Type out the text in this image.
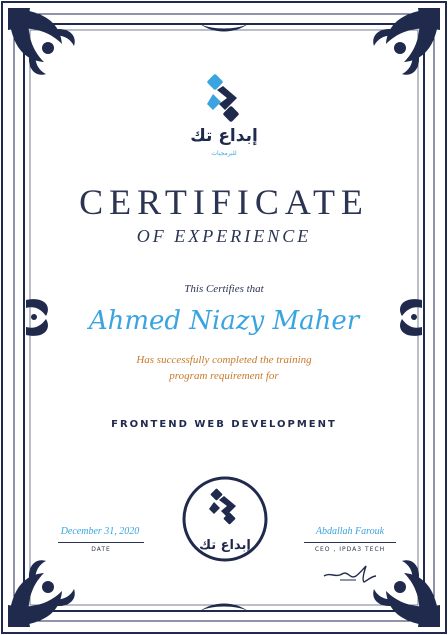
إبداع تك
للبرمجيات
CERTIFICATE
OF EXPERIENCE
This Certifies that
Ahmed Niazy Maher
Has successfully completed the training
program requirement for
FRONTEND WEB DEVELOPMENT
إبداع تك
December 31, 2020
DATE
Abdallah Farouk
CEO , IPDA3 TECH
